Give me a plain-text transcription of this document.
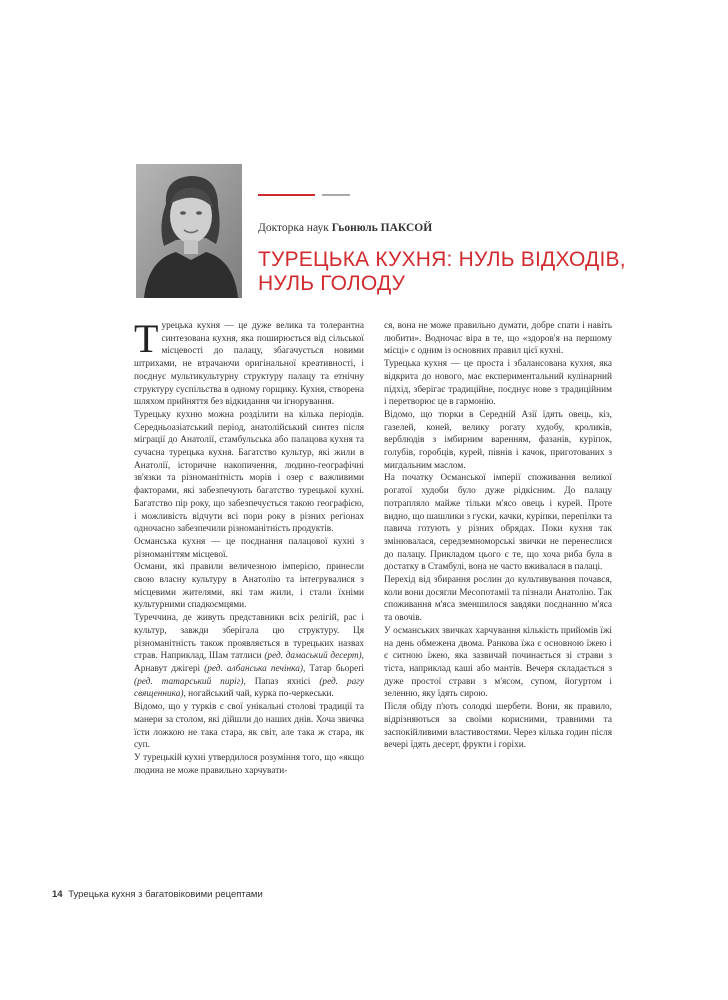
Докторка наук Гьонюль ПАКСОЙ
ТУРЕЦЬКА КУХНЯ: НУЛЬ ВІДХОДІВ,
НУЛЬ ГОЛОДУ

Турецька кухня — це дуже велика та толерантна синтезована кухня, яка поширюється від сільської місцевості до палацу, збагачується новими штрихами, не втрачаючи оригінальної креативності, і поєднує мультикультурну структуру палацу та етнічну структуру суспільства в одному горщику. Кухня, створена шляхом прийняття без відкидання чи ігнорування.

Турецьку кухню можна розділити на кілька періодів. Середньоазіатський період, анатолійський синтез після міграції до Анатолії, стамбульська або палацова кухня та сучасна турецька кухня. Багатство культур, які жили в Анатолії, історичне накопичення, людино-географічні зв'язки та різноманітність морів і озер є важливими факторами, які забезпечують багатство турецької кухні. Багатство пір року, що забезпечується такою географією, і можливість відчути всі пори року в різних регіонах одночасно забезпечили різноманітність продуктів.

Османська кухня — це поєднання палацової кухні з різноманіттям місцевої.

Османи, які правили величезною імперією, принесли свою власну культуру в Анатолію та інтегрувалися з місцевими жителями, які там жили, і стали їхніми культурними спадкоємцями.

Туреччина, де живуть представники всіх релігій, рас і культур, завжди зберігала цю структуру. Ця різноманітність також проявляється в турецьких назвах страв. Наприклад, Шам татлиси (ред. дамаський десерт), Арнавут джігері (ред. албанська печінка), Татар бьореґі (ред. татарський пиріг), Папаз яхнісі (ред. рагу священника), ногайський чай, курка по-черкеськи.

Відомо, що у турків є свої унікальні столові традиції та манери за столом, які дійшли до наших днів. Хоча звичка їсти ложкою не така стара, як світ, але така ж стара, як суп.

У турецькій кухні утвердилося розуміння того, що «якщо людина не може правильно харчувати-

ся, вона не може правильно думати, добре спати і навіть любити». Водночас віра в те, що «здоров'я на першому місці» є одним із основних правил цієї кухні.

Турецька кухня — це проста і збалансована кухня, яка відкрита до нового, має експериментальний кулінарний підхід, зберігає традиційне, поєднує нове з традиційним і перетворює це в гармонію.

Відомо, що тюрки в Середній Азії їдять овець, кіз, газелей, коней, велику рогату худобу, кроликів, верблюдів з імбирним варенням, фазанів, куріпок, голубів, горобців, курей, півнів і качок, приготованих з мигдальним маслом.

На початку Османської імперії споживання великої рогатої худоби було дуже рідкісним. До палацу потрапляло майже тільки м'ясо овець і курей. Проте видно, що шашлики з гуски, качки, куріпки, перепілки та павича готують у різних обрядах. Поки кухня так змінювалася, середземноморські звички не перенеслися до палацу. Прикладом цього є те, що хоча риба була в достатку в Стамбулі, вона не часто вживалася в палаці.

Перехід від збирання рослин до культивування почався, коли вони досягли Месопотамії та пізнали Анатолію. Так споживання м'яса зменшилося завдяки поєднанню м'яса та овочів.

У османських звичках харчування кількість прийомів їжі на день обмежена двома. Ранкова їжа є основною їжею і є ситною їжею, яка зазвичай починається зі страви з тіста, наприклад каші або мантів. Вечеря складається з дуже простої страви з м'ясом, супом, йогуртом і зеленню, яку їдять сирою.

Після обіду п'ють солодкі шербети. Вони, як правило, відрізняються за своїми корисними, травними та заспокійливими властивостями. Через кілька годин після вечері їдять десерт, фрукти і горіхи.

14 Турецька кухня з багатовіковими рецептами
